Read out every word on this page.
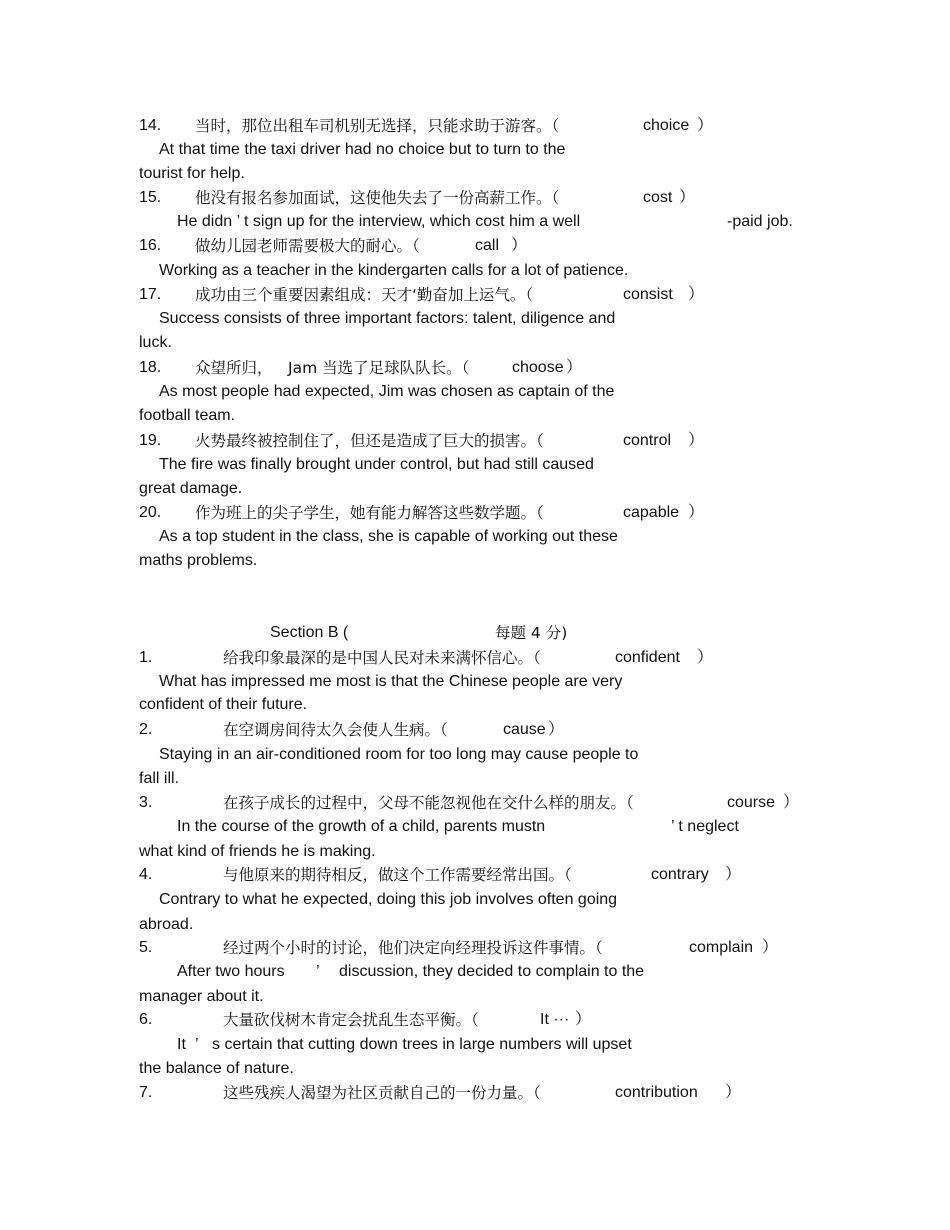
14. 当时，那位出租车司机别无选择，只能求助于游客。（	choice ）
At that time the taxi driver had no choice but to turn to the
tourist for help.
15. 他没有报名参加面试，这使他失去了一份高薪工作。（	cost ）
He didn ’ t sign up for the interview, which cost him a well	-paid job.
16. 做幼儿园老师需要极大的耐心。（	call ）
Working as a teacher in the kindergarten calls for a lot of patience.
17. 成功由三个重要因素组成：天才‘勤奋加上运气。（	consist ）
Success consists of three important factors: talent, diligence and
luck.
18. 众望所归， Jam 当选了足球队队长。（	choose ）
As most people had expected, Jim was chosen as captain of the
football team.
19. 火势最终被控制住了，但还是造成了巨大的损害。（	control ）
The fire was finally brought under control, but had still caused
great damage.
20. 作为班上的尖子学生，她有能力解答这些数学题。（	capable ）
As a top student in the class, she is capable of working out these
maths problems.
Section B (	每题 4 分)
1.	给我印象最深的是中国人民对未来满怀信心。（	confident ）
What has impressed me most is that the Chinese people are very
confident of their future.
2.	在空调房间待太久会使人生病。（	cause ）
Staying in an air-conditioned room for too long may cause people to
fall ill.
3.	在孩子成长的过程中，父母不能忽视他在交什么样的朋友。（	course ）
In the course of the growth of a child, parents mustn	’ t neglect
what kind of friends he is making.
4.	与他原来的期待相反，做这个工作需要经常出国。（	contrary ）
Contrary to what he expected, doing this job involves often going
abroad.
5.	经过两个小时的讨论，他们决定向经理投诉这件事情。（	complain ）
After two hours ’ discussion, they decided to complain to the
manager about it.
6.	大量砍伐树木肯定会扰乱生态平衡。（	It ··· ）
It ’ s certain that cutting down trees in large numbers will upset
the balance of nature.
7.	这些残疾人渴望为社区贡献自己的一份力量。（	contribution ）
